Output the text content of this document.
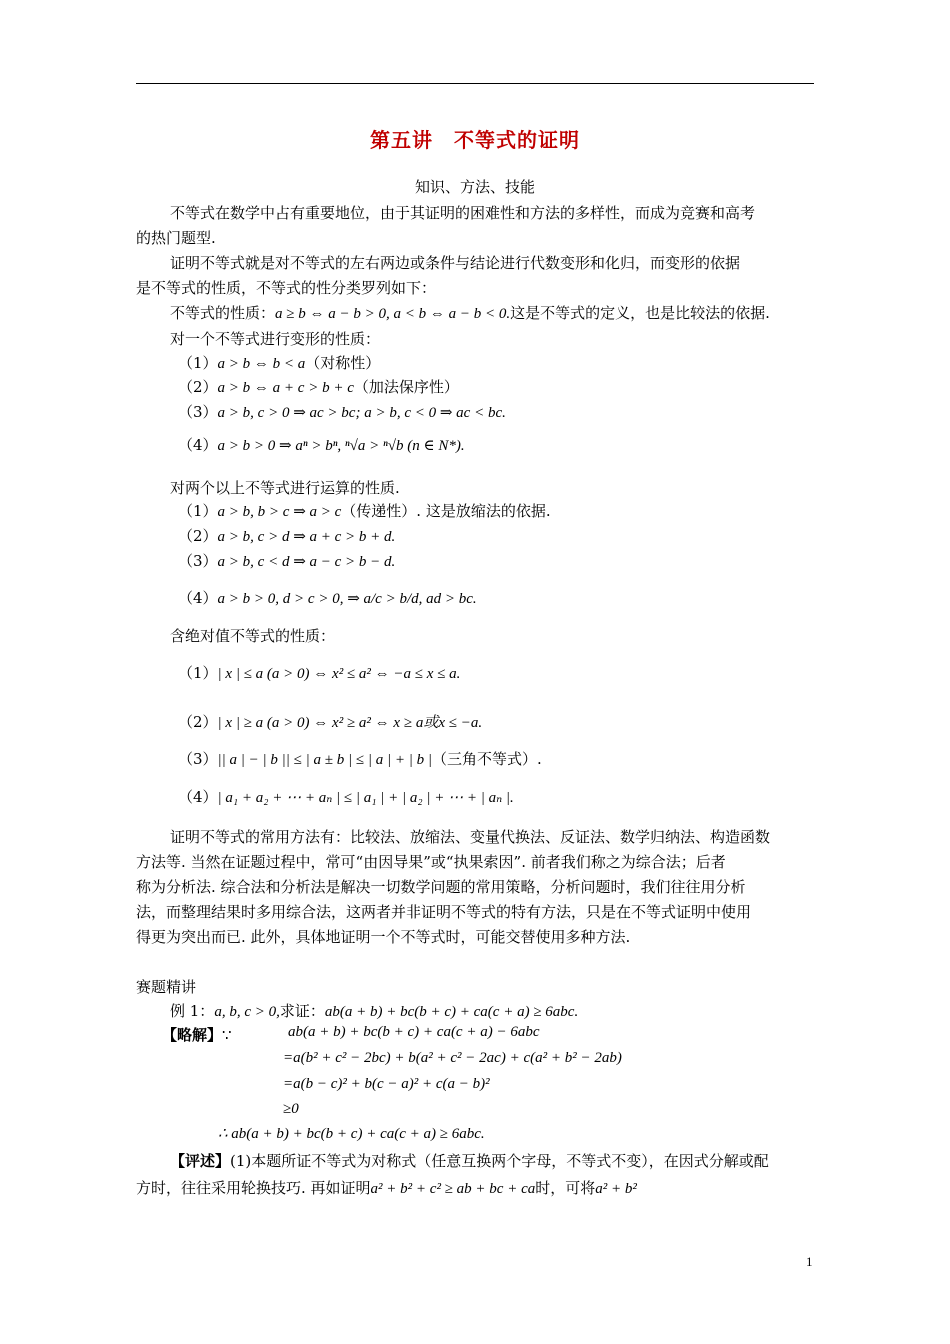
第五讲　不等式的证明
知识、方法、技能
不等式在数学中占有重要地位，由于其证明的困难性和方法的多样性，而成为竞赛和高考
的热门题型.
证明不等式就是对不等式的左右两边或条件与结论进行代数变形和化归，而变形的依据
是不等式的性质，不等式的性分类罗列如下：
不等式的性质：a ≥ b ⇔ a − b > 0, a < b ⇔ a − b < 0.这是不等式的定义，也是比较法的依据.
对一个不等式进行变形的性质：
（1）a > b ⇔ b < a（对称性）
（2）a > b ⇔ a + c > b + c（加法保序性）
（3）a > b, c > 0 ⇒ ac > bc; a > b, c < 0 ⇒ ac < bc.
（4）a > b > 0 ⇒ aⁿ > bⁿ, ⁿ√a > ⁿ√b (n ∈ N*).
对两个以上不等式进行运算的性质.
（1）a > b, b > c ⇒ a > c（传递性）. 这是放缩法的依据.
（2）a > b, c > d ⇒ a + c > b + d.
（3）a > b, c < d ⇒ a − c > b − d.
（4）a > b > 0, d > c > 0, ⇒ a/c > b/d, ad > bc.
含绝对值不等式的性质：
（1）| x | ≤ a (a > 0) ⇔ x² ≤ a² ⇔ −a ≤ x ≤ a.
（2）| x | ≥ a (a > 0) ⇔ x² ≥ a² ⇔ x ≥ a或x ≤ −a.
（3）|| a | − | b || ≤ | a ± b | ≤ | a | + | b |（三角不等式）.
（4）| a₁ + a₂ + ⋯ + aₙ | ≤ | a₁ | + | a₂ | + ⋯ + | aₙ |.
证明不等式的常用方法有：比较法、放缩法、变量代换法、反证法、数学归纳法、构造函数
方法等. 当然在证题过程中，常可“由因导果”或“执果索因”. 前者我们称之为综合法；后者
称为分析法. 综合法和分析法是解决一切数学问题的常用策略，分析问题时，我们往往用分析
法，而整理结果时多用综合法，这两者并非证明不等式的特有方法，只是在不等式证明中使用
得更为突出而已. 此外，具体地证明一个不等式时，可能交替使用多种方法.
赛题精讲
例 1：a, b, c > 0,求证：ab(a + b) + bc(b + c) + ca(c + a) ≥ 6abc.
【略解】∵	ab(a + b) + bc(b + c) + ca(c + a) − 6abc
=a(b² + c² − 2bc) + b(a² + c² − 2ac) + c(a² + b² − 2ab)
=a(b − c)² + b(c − a)² + c(a − b)²
≥0
∴ ab(a + b) + bc(b + c) + ca(c + a) ≥ 6abc.
【评述】(1)本题所证不等式为对称式（任意互换两个字母，不等式不变），在因式分解或配
方时，往往采用轮换技巧. 再如证明a² + b² + c² ≥ ab + bc + ca时，可将a² + b²
1
